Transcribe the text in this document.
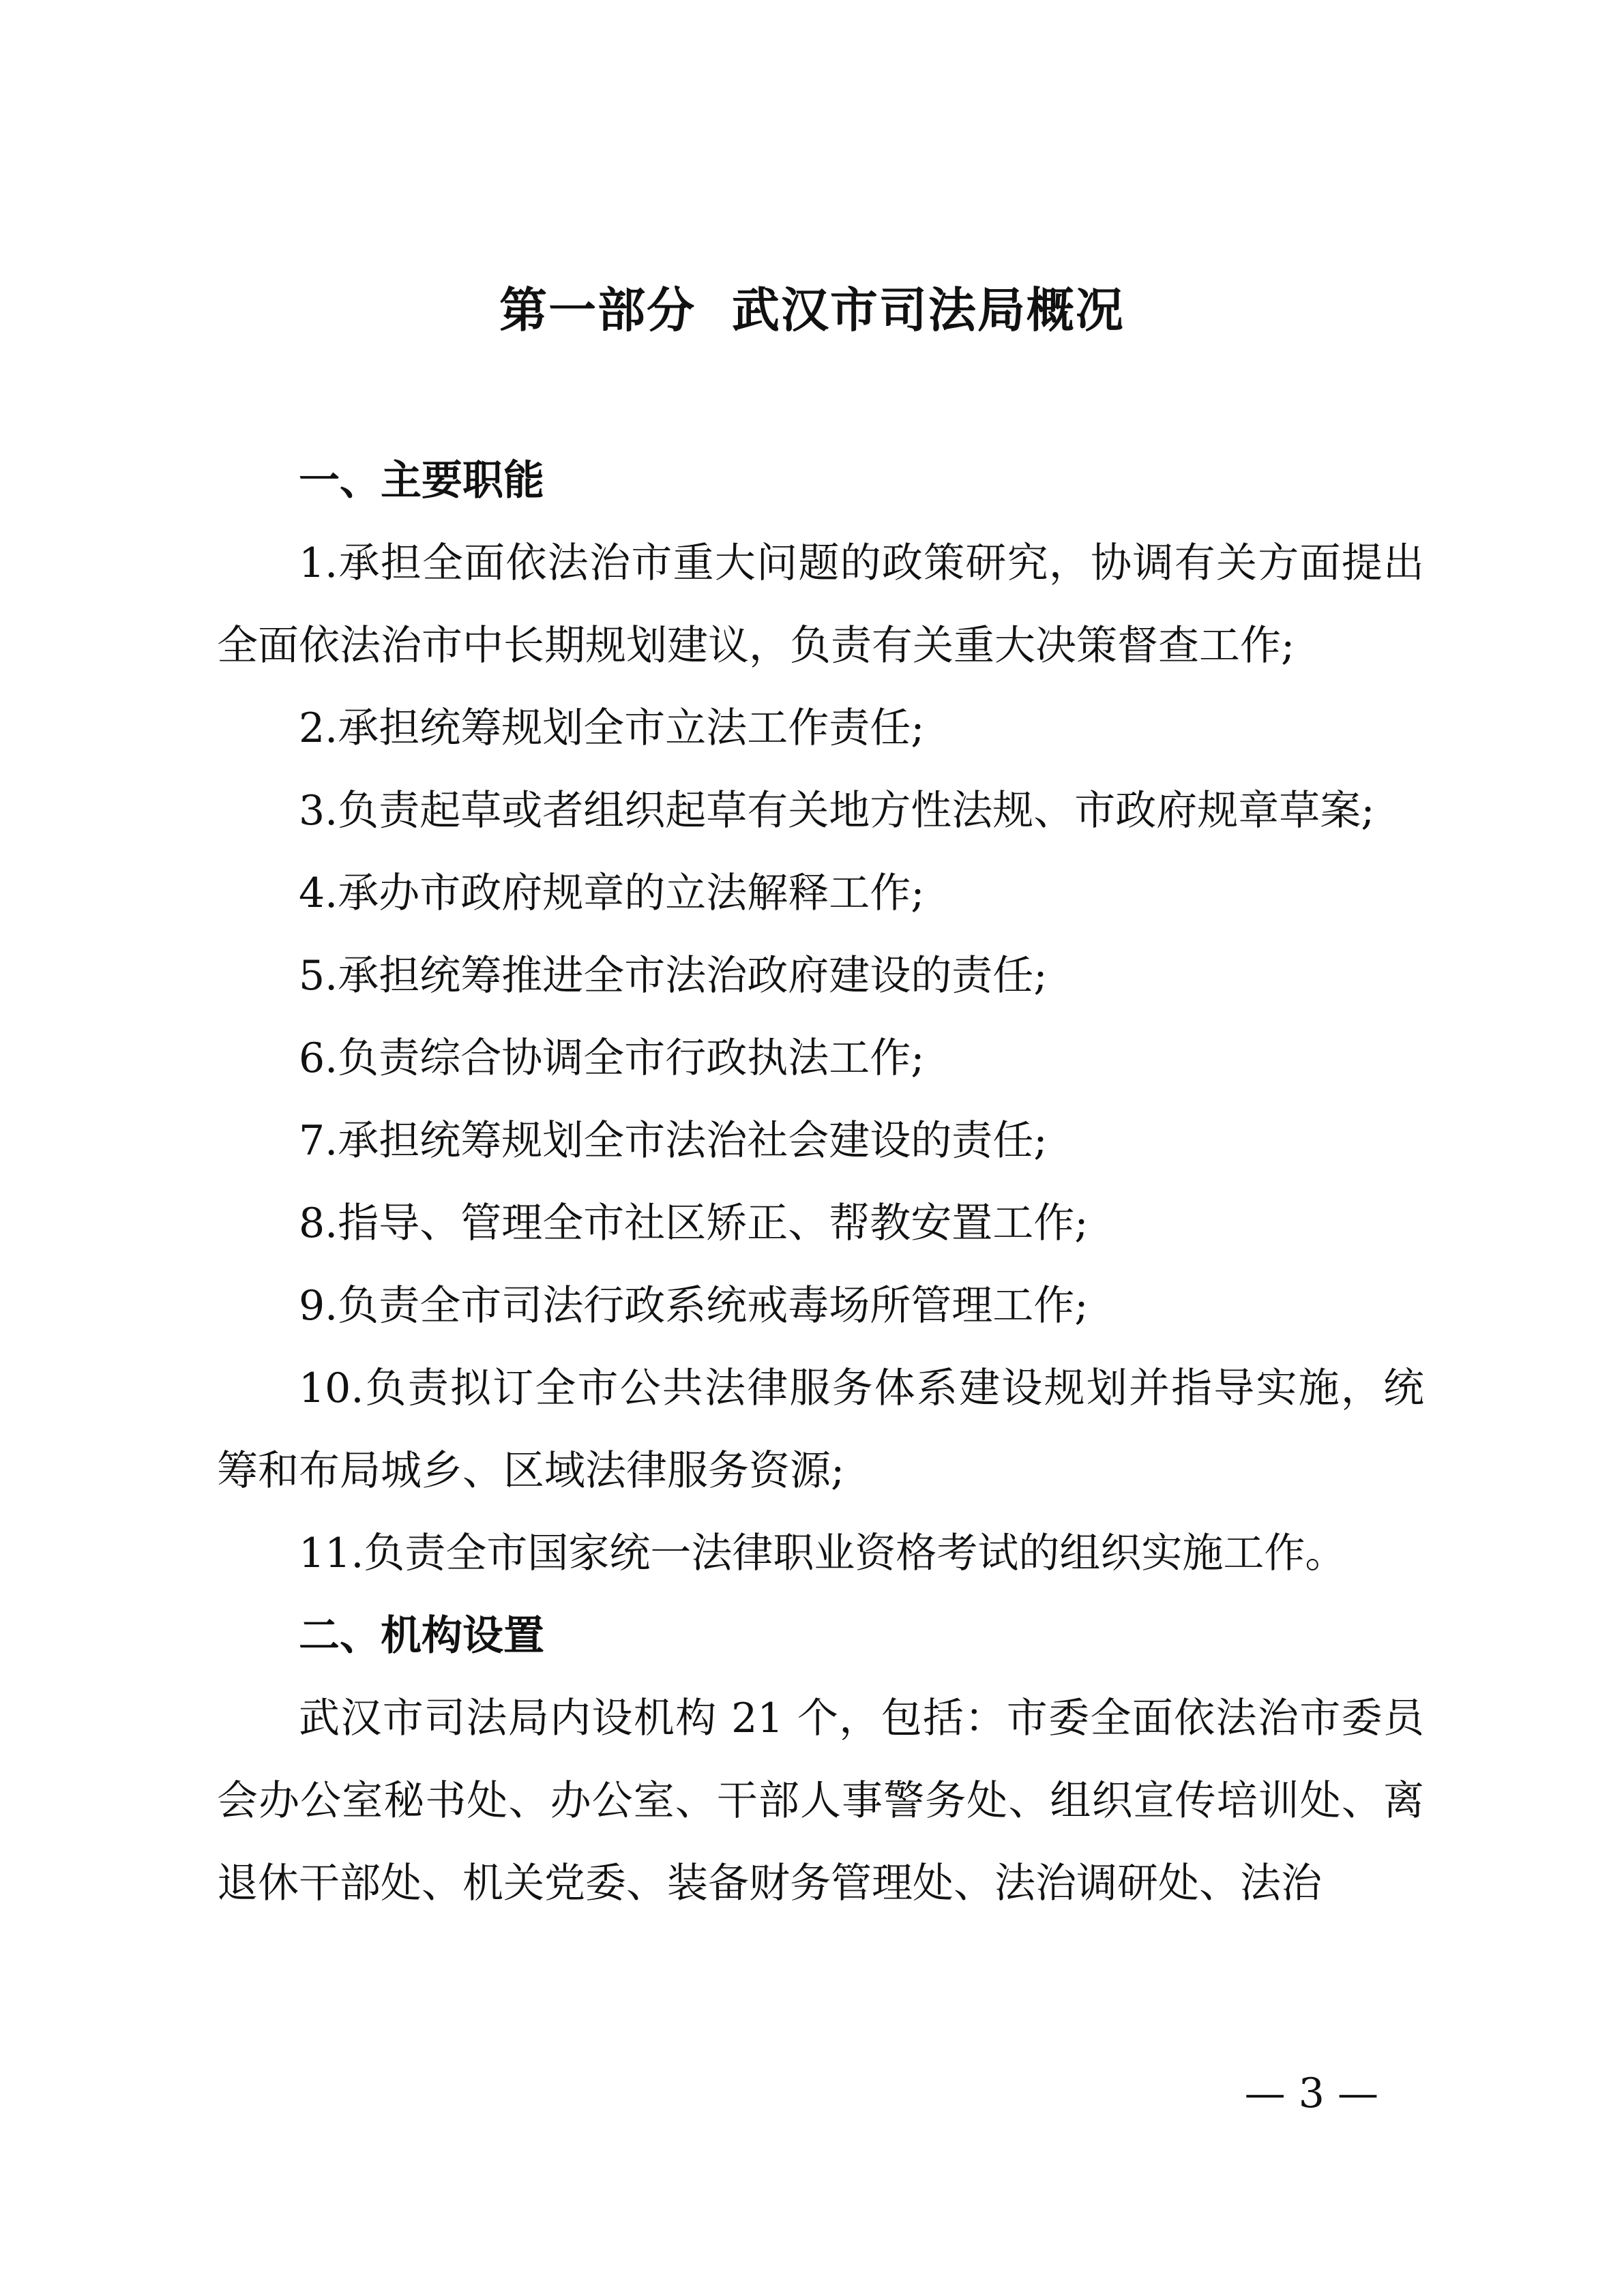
第一部分  武汉市司法局概况

一、主要职能

1.承担全面依法治市重大问题的政策研究，协调有关方面提出全面依法治市中长期规划建议，负责有关重大决策督查工作;

2.承担统筹规划全市立法工作责任;

3.负责起草或者组织起草有关地方性法规、市政府规章草案;

4.承办市政府规章的立法解释工作;

5.承担统筹推进全市法治政府建设的责任;

6.负责综合协调全市行政执法工作;

7.承担统筹规划全市法治社会建设的责任;

8.指导、管理全市社区矫正、帮教安置工作;

9.负责全市司法行政系统戒毒场所管理工作;

10.负责拟订全市公共法律服务体系建设规划并指导实施，统筹和布局城乡、区域法律服务资源;

11.负责全市国家统一法律职业资格考试的组织实施工作。

二、机构设置

武汉市司法局内设机构 21 个，包括：市委全面依法治市委员会办公室秘书处、办公室、干部人事警务处、组织宣传培训处、离退休干部处、机关党委、装备财务管理处、法治调研处、法治

— 3 —
